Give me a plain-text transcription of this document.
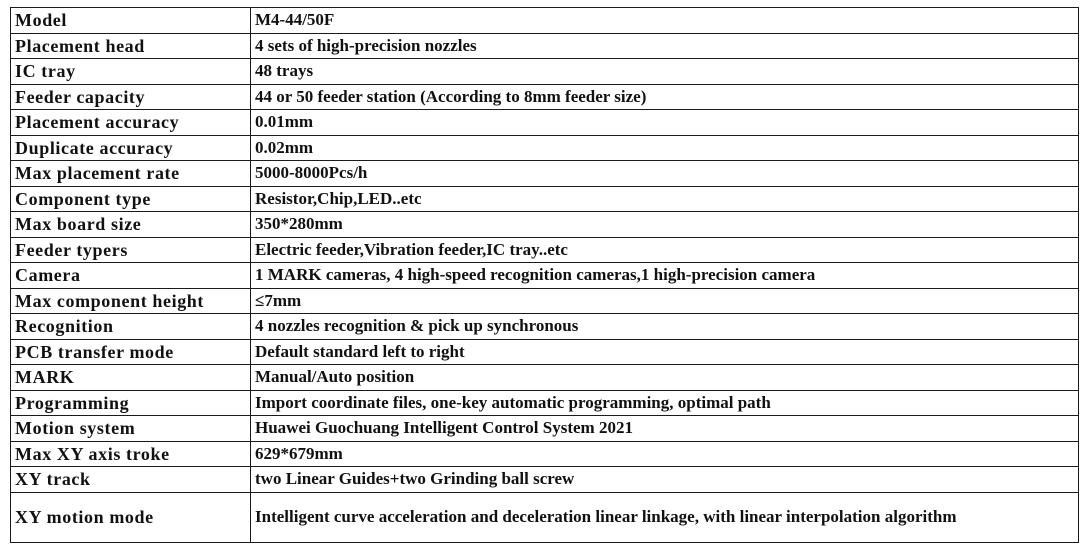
Model	M4-44/50F
Placement head	4 sets of high-precision nozzles
IC tray	48 trays
Feeder capacity	44 or 50 feeder station (According to 8mm feeder size)
Placement accuracy	0.01mm
Duplicate accuracy	0.02mm
Max placement rate	5000-8000Pcs/h
Component type	Resistor,Chip,LED..etc
Max board size	350*280mm
Feeder typers	Electric feeder,Vibration feeder,IC tray..etc
Camera	1 MARK cameras, 4 high-speed recognition cameras,1 high-precision camera
Max component height	≤7mm
Recognition	4 nozzles recognition & pick up synchronous
PCB transfer mode	Default standard left to right
MARK	Manual/Auto position
Programming	Import coordinate files, one-key automatic programming, optimal path
Motion system	Huawei Guochuang Intelligent Control System 2021
Max XY axis troke	629*679mm
XY track	two Linear Guides+two Grinding ball screw
XY motion mode	Intelligent curve acceleration and deceleration linear linkage, with linear interpolation algorithm
